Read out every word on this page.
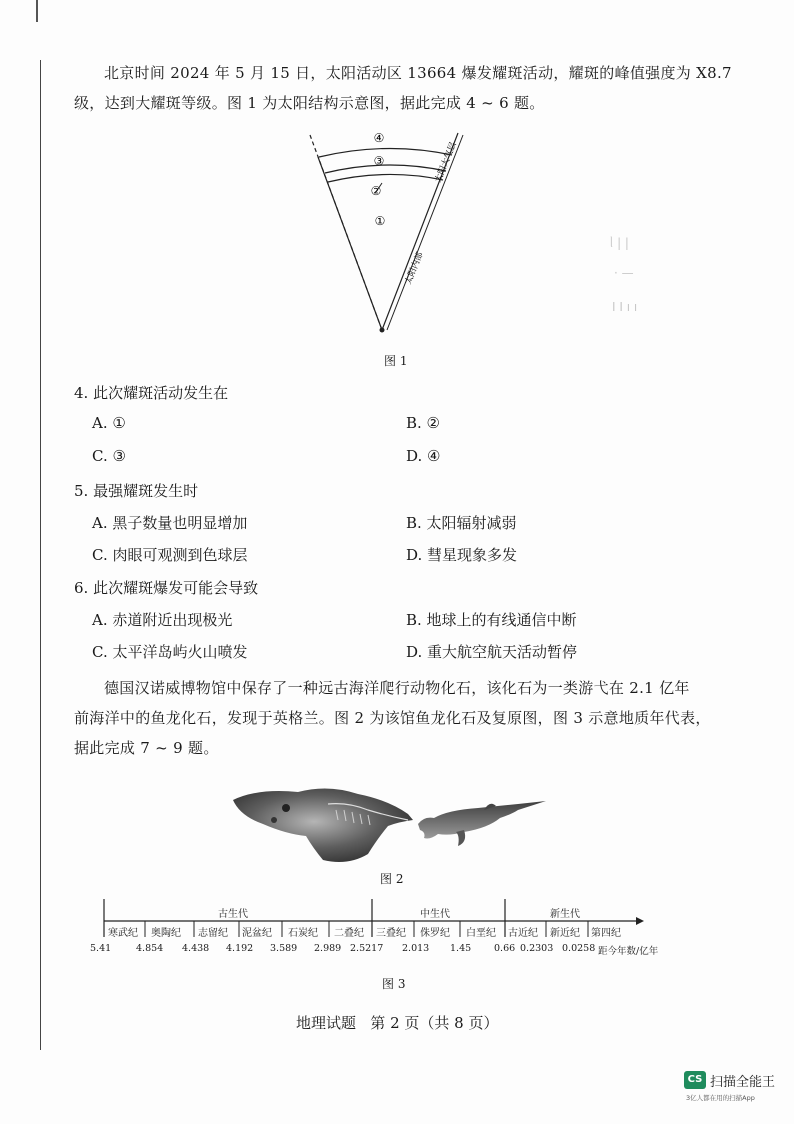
北京时间 2024 年 5 月 15 日，太阳活动区 13664 爆发耀斑活动，耀斑的峰值强度为 X8.7
级，达到大耀斑等级。图 1 为太阳结构示意图，据此完成 4 ~ 6 题。
④
③
②
①
太阳大气层
太阳内部
ᥣ | |
· —
I I ı ı
图 1
4. 此次耀斑活动发生在
A. ①	B. ②
C. ③	D. ④
5. 最强耀斑发生时
A. 黑子数量也明显增加	B. 太阳辐射减弱
C. 肉眼可观测到色球层	D. 彗星现象多发
6. 此次耀斑爆发可能会导致
A. 赤道附近出现极光	B. 地球上的有线通信中断
C. 太平洋岛屿火山喷发	D. 重大航空航天活动暂停
德国汉诺威博物馆中保存了一种远古海洋爬行动物化石，该化石为一类游弋在 2.1 亿年
前海洋中的鱼龙化石，发现于英格兰。图 2 为该馆鱼龙化石及复原图，图 3 示意地质年代表，
据此完成 7 ~ 9 题。
图 2
古生代	中生代	新生代
寒武纪 奥陶纪 志留纪 泥盆纪 石炭纪 二叠纪 三叠纪 侏罗纪 白垩纪 古近纪 新近纪 第四纪
5.41	4.854 4.438 4.192 3.589 2.989 2.5217 2.013 1.45 0.66 0.2303 0.0258 距今年数/亿年
图 3
地理试题   第 2 页（共 8 页）
CS 扫描全能王
3亿人都在用的扫描App
